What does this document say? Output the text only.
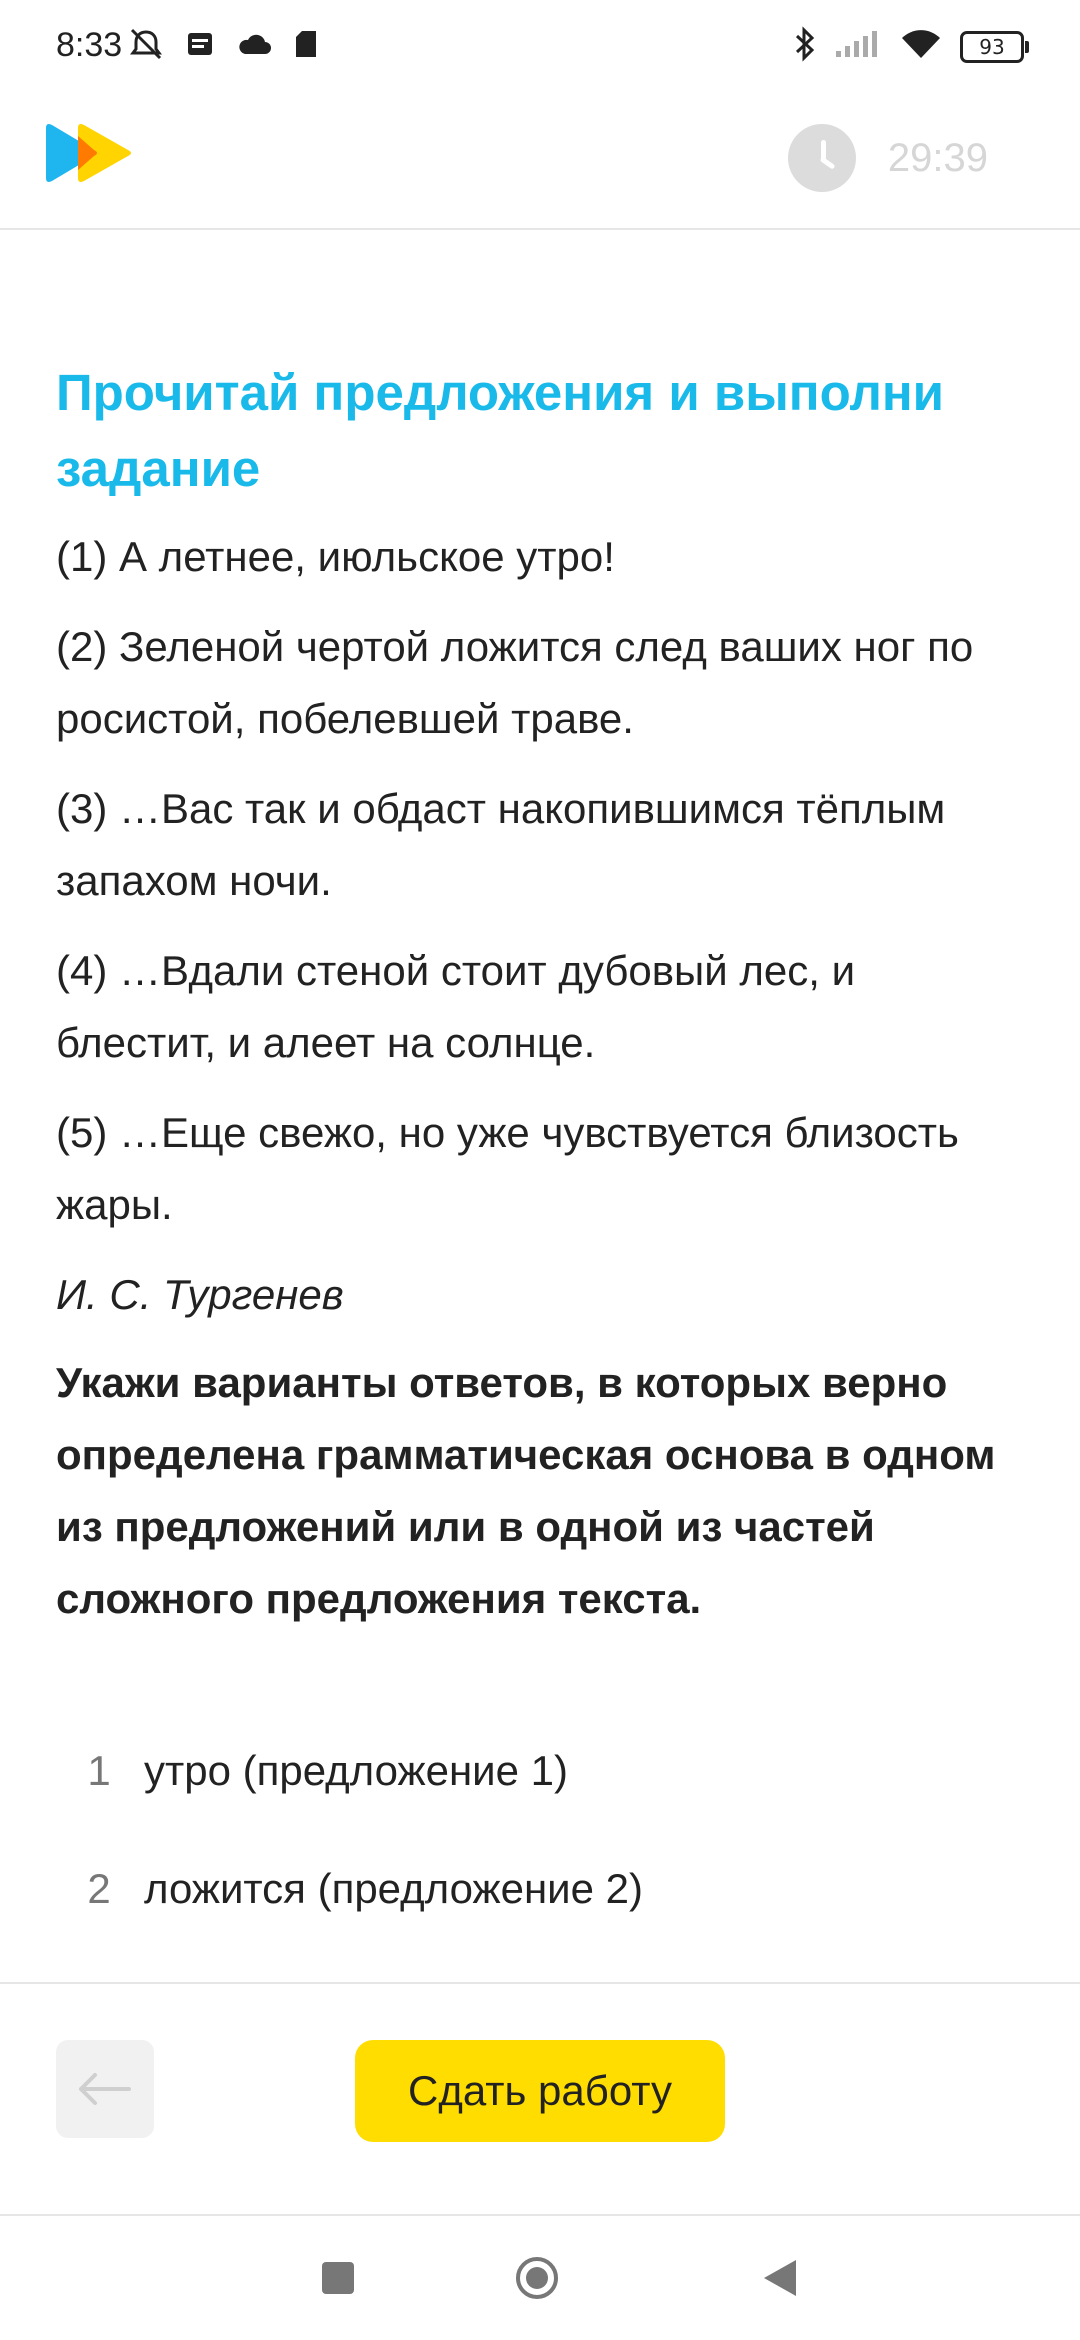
8:33	93
29:39
Прочитай предложения и выполни задание

(1) А летнее, июльское утро!

(2) Зеленой чертой ложится след ваших ног по росистой, побелевшей траве.

(3) …Вас так и обдаст накопившимся тёплым запахом ночи.

(4) …Вдали стеной стоит дубовый лес, и блестит, и алеет на солнце.

(5) …Еще свежо, но уже чувствуется близость жары.

И. С. Тургенев

Укажи варианты ответов, в которых верно определена грамматическая основа в одном из предложений или в одной из частей сложного предложения текста.

1 утро (предложение 1)
2 ложится (предложение 2)
Сдать работу
